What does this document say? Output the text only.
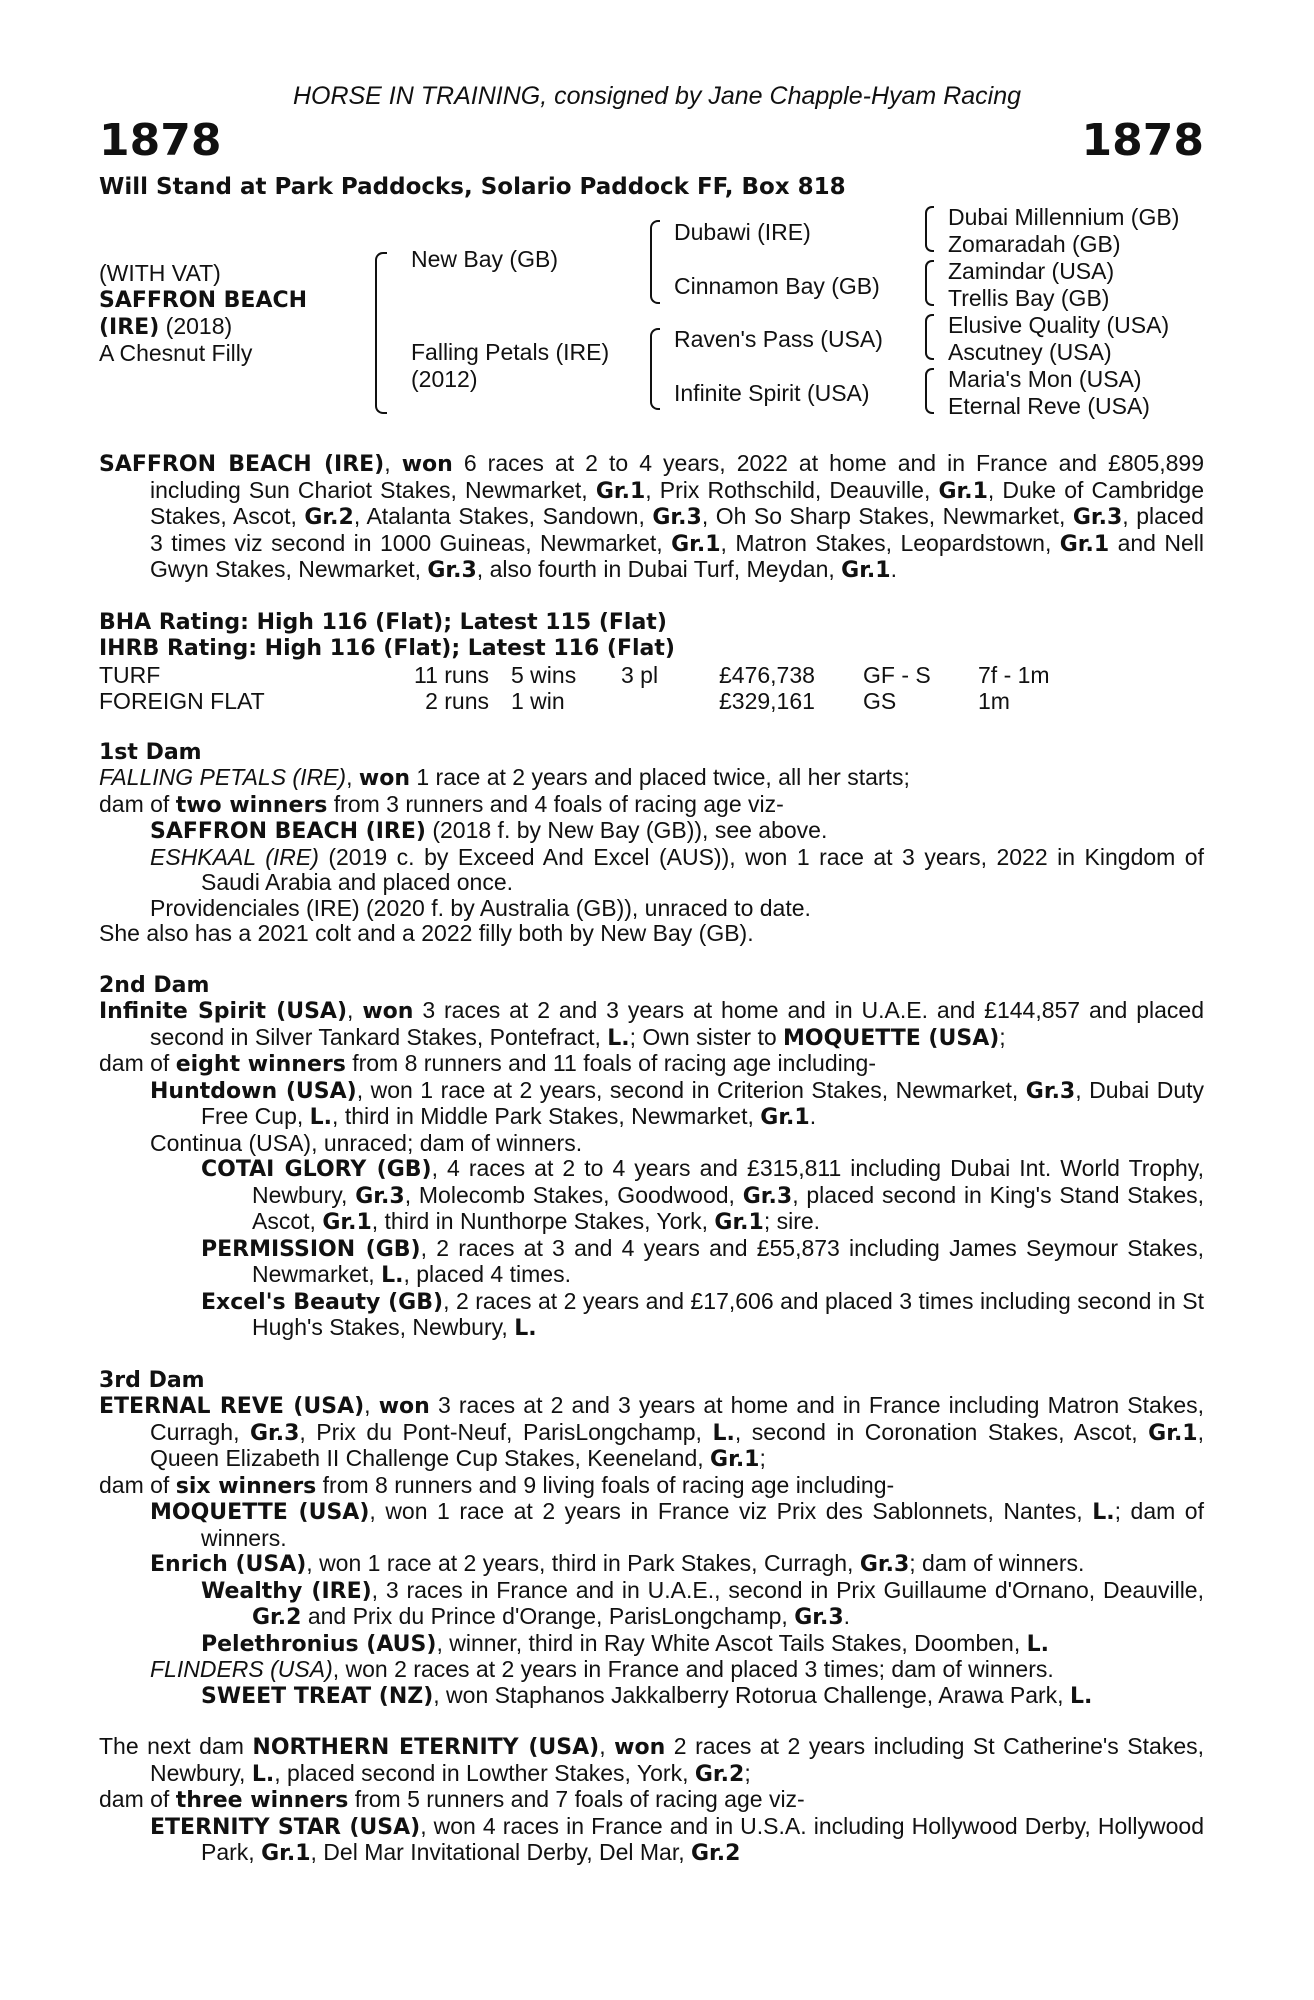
HORSE IN TRAINING, consigned by Jane Chapple-Hyam Racing
1878	1878
Will Stand at Park Paddocks, Solario Paddock FF, Box 818
(WITH VAT)
SAFFRON BEACH
(IRE) (2018)
A Chesnut Filly
New Bay (GB)
Falling Petals (IRE)
(2012)
Dubawi (IRE)
Cinnamon Bay (GB)
Raven's Pass (USA)
Infinite Spirit (USA)
Dubai Millennium (GB)
Zomaradah (GB)
Zamindar (USA)
Trellis Bay (GB)
Elusive Quality (USA)
Ascutney (USA)
Maria's Mon (USA)
Eternal Reve (USA)
SAFFRON BEACH (IRE), won 6 races at 2 to 4 years, 2022 at home and in France and £805,899 including Sun Chariot Stakes, Newmarket, Gr.1, Prix Rothschild, Deauville, Gr.1, Duke of Cambridge Stakes, Ascot, Gr.2, Atalanta Stakes, Sandown, Gr.3, Oh So Sharp Stakes, Newmarket, Gr.3, placed 3 times viz second in 1000 Guineas, Newmarket, Gr.1, Matron Stakes, Leopardstown, Gr.1 and Nell Gwyn Stakes, Newmarket, Gr.3, also fourth in Dubai Turf, Meydan, Gr.1.
BHA Rating: High 116 (Flat); Latest 115 (Flat)
IHRB Rating: High 116 (Flat); Latest 116 (Flat)
TURF	11 runs	5 wins	3 pl	£476,738	GF - S	7f - 1m
FOREIGN FLAT	2 runs	1 win		£329,161	GS	1m
1st Dam
FALLING PETALS (IRE), won 1 race at 2 years and placed twice, all her starts;
dam of two winners from 3 runners and 4 foals of racing age viz-
SAFFRON BEACH (IRE) (2018 f. by New Bay (GB)), see above.
ESHKAAL (IRE) (2019 c. by Exceed And Excel (AUS)), won 1 race at 3 years, 2022 in Kingdom of Saudi Arabia and placed once.
Providenciales (IRE) (2020 f. by Australia (GB)), unraced to date.
She also has a 2021 colt and a 2022 filly both by New Bay (GB).
2nd Dam
Infinite Spirit (USA), won 3 races at 2 and 3 years at home and in U.A.E. and £144,857 and placed second in Silver Tankard Stakes, Pontefract, L.; Own sister to MOQUETTE (USA);
dam of eight winners from 8 runners and 11 foals of racing age including-
Huntdown (USA), won 1 race at 2 years, second in Criterion Stakes, Newmarket, Gr.3, Dubai Duty Free Cup, L., third in Middle Park Stakes, Newmarket, Gr.1.
Continua (USA), unraced; dam of winners.
COTAI GLORY (GB), 4 races at 2 to 4 years and £315,811 including Dubai Int. World Trophy, Newbury, Gr.3, Molecomb Stakes, Goodwood, Gr.3, placed second in King's Stand Stakes, Ascot, Gr.1, third in Nunthorpe Stakes, York, Gr.1; sire.
PERMISSION (GB), 2 races at 3 and 4 years and £55,873 including James Seymour Stakes, Newmarket, L., placed 4 times.
Excel's Beauty (GB), 2 races at 2 years and £17,606 and placed 3 times including second in St Hugh's Stakes, Newbury, L.
3rd Dam
ETERNAL REVE (USA), won 3 races at 2 and 3 years at home and in France including Matron Stakes, Curragh, Gr.3, Prix du Pont-Neuf, ParisLongchamp, L., second in Coronation Stakes, Ascot, Gr.1, Queen Elizabeth II Challenge Cup Stakes, Keeneland, Gr.1;
dam of six winners from 8 runners and 9 living foals of racing age including-
MOQUETTE (USA), won 1 race at 2 years in France viz Prix des Sablonnets, Nantes, L.; dam of winners.
Enrich (USA), won 1 race at 2 years, third in Park Stakes, Curragh, Gr.3; dam of winners.
Wealthy (IRE), 3 races in France and in U.A.E., second in Prix Guillaume d'Ornano, Deauville, Gr.2 and Prix du Prince d'Orange, ParisLongchamp, Gr.3.
Pelethronius (AUS), winner, third in Ray White Ascot Tails Stakes, Doomben, L.
FLINDERS (USA), won 2 races at 2 years in France and placed 3 times; dam of winners.
SWEET TREAT (NZ), won Staphanos Jakkalberry Rotorua Challenge, Arawa Park, L.
The next dam NORTHERN ETERNITY (USA), won 2 races at 2 years including St Catherine's Stakes, Newbury, L., placed second in Lowther Stakes, York, Gr.2;
dam of three winners from 5 runners and 7 foals of racing age viz-
ETERNITY STAR (USA), won 4 races in France and in U.S.A. including Hollywood Derby, Hollywood Park, Gr.1, Del Mar Invitational Derby, Del Mar, Gr.2
